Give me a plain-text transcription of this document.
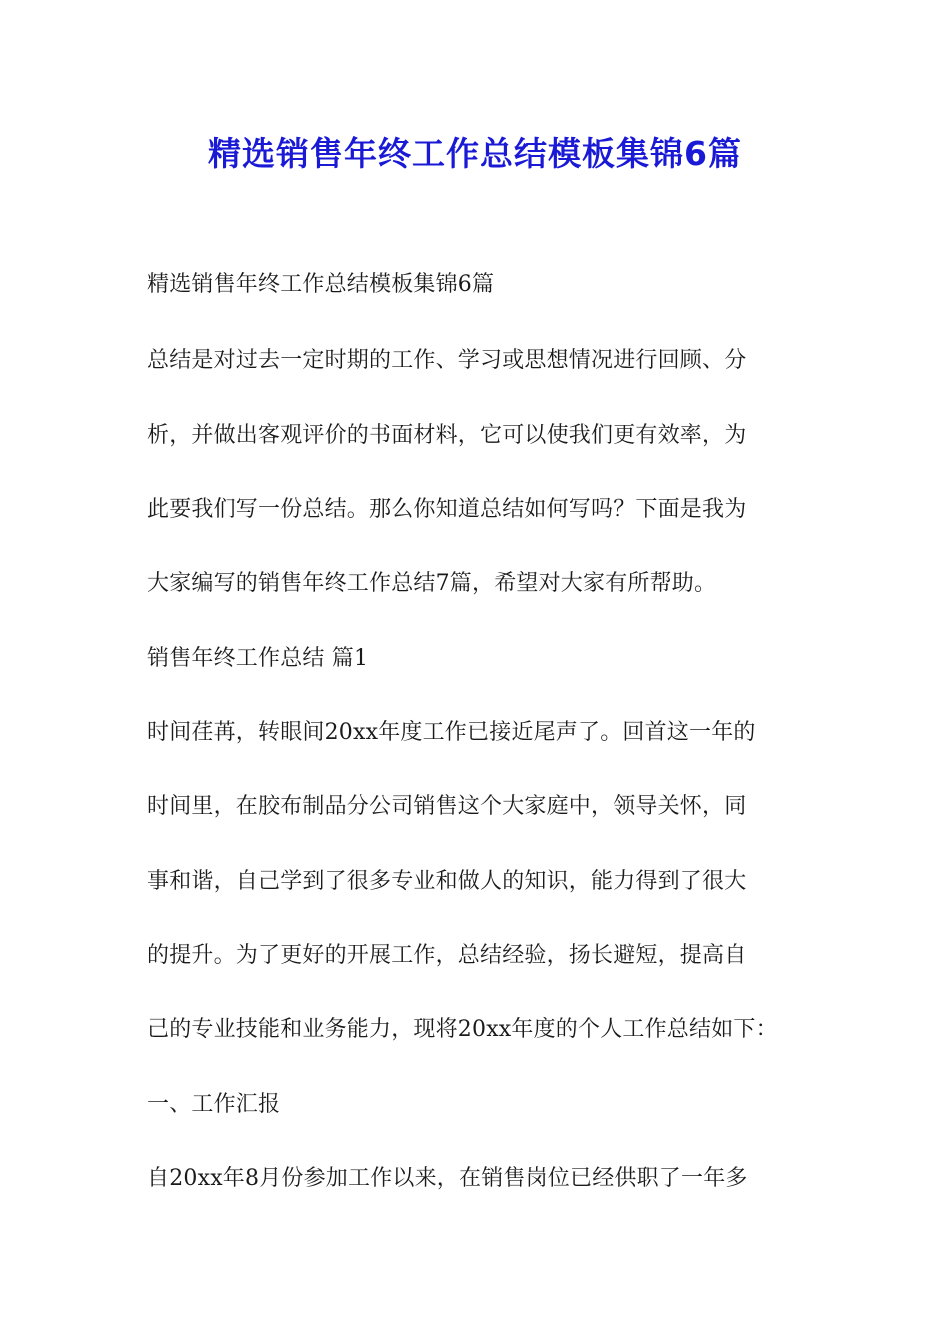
精选销售年终工作总结模板集锦6篇
精选销售年终工作总结模板集锦6篇
总结是对过去一定时期的工作、学习或思想情况进行回顾、分
析，并做出客观评价的书面材料，它可以使我们更有效率，为
此要我们写一份总结。那么你知道总结如何写吗？下面是我为
大家编写的销售年终工作总结7篇，希望对大家有所帮助。
销售年终工作总结 篇1
时间荏苒，转眼间20xx年度工作已接近尾声了。回首这一年的
时间里，在胶布制品分公司销售这个大家庭中，领导关怀，同
事和谐，自己学到了很多专业和做人的知识，能力得到了很大
的提升。为了更好的开展工作，总结经验，扬长避短，提高自
己的专业技能和业务能力，现将20xx年度的个人工作总结如下：
一、工作汇报
自20xx年8月份参加工作以来，在销售岗位已经供职了一年多
